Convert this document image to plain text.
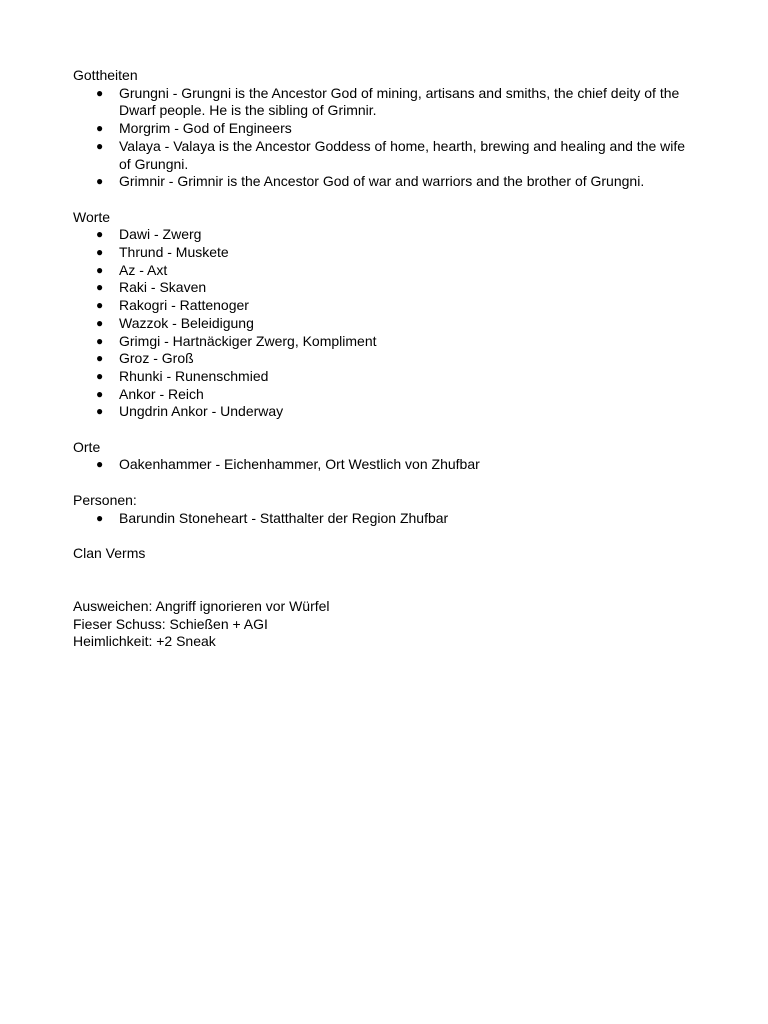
Gottheiten

● Grungni - Grungni is the Ancestor God of mining, artisans and smiths, the chief deity of the Dwarf people. He is the sibling of Grimnir.
● Morgrim - God of Engineers
● Valaya - Valaya is the Ancestor Goddess of home, hearth, brewing and healing and the wife of Grungni.
● Grimnir - Grimnir is the Ancestor God of war and warriors and the brother of Grungni.

Worte

● Dawi - Zwerg
● Thrund - Muskete
● Az - Axt
● Raki - Skaven
● Rakogri - Rattenoger
● Wazzok - Beleidigung
● Grimgi - Hartnäckiger Zwerg, Kompliment
● Groz - Groß
● Rhunki - Runenschmied
● Ankor - Reich
● Ungdrin Ankor - Underway

Orte

● Oakenhammer - Eichenhammer, Ort Westlich von Zhufbar

Personen:

● Barundin Stoneheart - Statthalter der Region Zhufbar

Clan Verms

Ausweichen: Angriff ignorieren vor Würfel

Fieser Schuss: Schießen + AGI

Heimlichkeit: +2 Sneak
